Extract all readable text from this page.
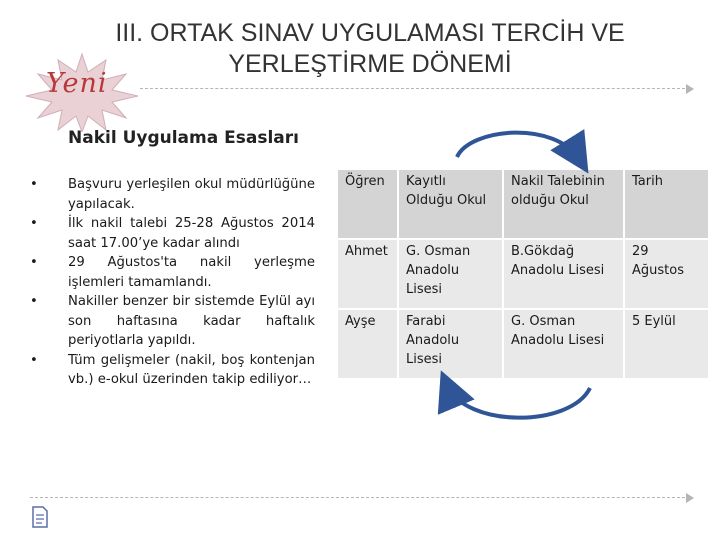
III. ORTAK SINAV UYGULAMASI TERCİH VE YERLEŞTİRME DÖNEMİ
Yeni
Nakil Uygulama Esasları
• Başvuru yerleşilen okul müdürlüğüne yapılacak.
• İlk nakil talebi 25-28 Ağustos 2014 saat 17.00’ye kadar alındı
• 29 Ağustos'ta nakil yerleşme işlemleri tamamlandı.
• Nakiller benzer bir sistemde Eylül ayı son haftasına kadar haftalık periyotlarla yapıldı.
• Tüm gelişmeler (nakil, boş kontenjan vb.) e-okul üzerinden takip ediliyor…
Öğren	Kayıtlı Olduğu Okul	Nakil Talebinin olduğu Okul	Tarih
Ahmet	G. Osman Anadolu Lisesi	B.Gökdağ Anadolu Lisesi	29 Ağustos
Ayşe	Farabi Anadolu Lisesi	G. Osman Anadolu Lisesi	5 Eylül
